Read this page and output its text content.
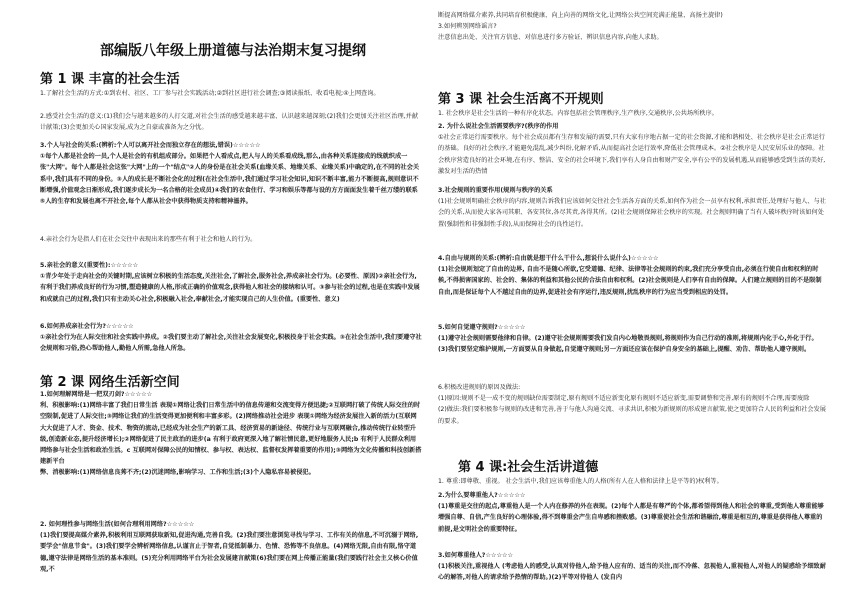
部编版八年级上册道德与法治期末复习提纲
第 1 课 丰富的社会生活

1.了解社会生活的方式:①到农村、社区、工厂参与社会实践活动;②到社区进行社会调查;③阅读报纸、收看电视;④上网查询。

2.感受社会生活的意义:(1)我们会与越来越多的人打交道,对社会生活的感受越来越丰富、认识越来越深刻;(2)我们会更加关注社区治理,并献计献策;(3)会更加关心国家发展,成为之自豪或准备为之分忧。

3.个人与社会的关系:(辨析:个人可以离开社会而独立存在的想法,错误)☆☆☆☆☆

①每个人都是社会的一员,个人是社会的有机组成部分。如果把个人看成点,把人与人的关系看成线,那么,由各种关系连接成的线就织成一张"大网"。每个人都是社会这张"大网"上的一个"结点"②人的身份是在社会关系(血缘关系、地缘关系、业缘关系)中确定的,在不同的社会关系中,我们具有不同的身份。③人的成长是不断社会化的过程(在社会生活中,我们通过学习社会知识,知识不断丰富,能力不断提高,规则意识不断增强,价值观念日渐形成,我们逐步成长为一名合格的社会成员)④我们的衣食住行、学习和娱乐等都与设的方方面面发生着千丝万缕的联系⑤人的生存和发展也离不开社会,每个人都从社会中获得物质支持和精神滋养。

4.亲社会行为是指人们在社会交往中表现出来的那些有利于社会和他人的行为。

5.亲社会的意义(重要性):☆☆☆☆☆

①青少年处于走向社会的关键时期,应该树立积极的生活态度,关注社会,了解社会,服务社会,养成亲社会行为。(必要性、原因)②亲社会行为,有利于我们养成良好的行为习惯,塑造健康的人格,形成正确的价值观念,获得他人和社会的接纳和认可。③参与社会的过程,也是在实践中发展和成就自己的过程,我们只有主动关心社会,积极融入社会,奉献社会,才能实现自己的人生价值。(重要性、意义)

6.如何养成亲社会行为?☆☆☆☆☆

①亲社会行为在人际交往和社会实践中养成。②我们要主动了解社会,关注社会发展变化,积极投身于社会实践。③在社会生活中,我们要遵守社会规则和习俗,热心帮助他人,勤他人所需,急他人所急。

第 2 课 网络生活新空间

1.如何理解网络是一把双刃剑?☆☆☆☆☆

利、积极影响:(1)网络丰富了我们日常生活 表现①网络让我们日常生活中的信息传递和交流变得方便迅捷;②互联网打破了传统人际交往的时空限制,促进了人际交往;③网络让我们的生活变得更加便利和丰富多彩。(2)网络推动社会进步 表现①网络为经济发展注入新的活力(互联网大大促进了人才、资金、技术、物资的流动,已经成为社会生产的新工具、经济贸易的新途径、传统行业与互联网融合,推动传统行业转型升级,创造新业态,提升经济增长);②网络促进了民主政治的进步(a 有利于政府更深入地了解社情民意,更好地服务人民;b 有利于人民群众利用网络参与社会生活和政治生活。c 互联网对保障公民的知情权、参与权、表达权、监督权发挥着重要的作用);③网络为文化传播和科技创新搭建新平台

弊、消极影响:(1)网络信息良莠不齐;(2)沉迷网络,影响学习、工作和生活;(3)个人隐私容易被侵犯。

2. 如何理性参与网络生活(如何合理利用网络?☆☆☆☆☆

(1)我们要提高媒介素养,积极利用互联网获取新知,促进沟通,完善自我。(2)我们要注意浏览寻找与学习、工作有关的信息,不可沉溺于网络,要学会"信息节食"。(3)我们要学会辨析网络信息,认谨言止于智者,自觉抵制暴力、色情、恐怖等不良信息。(4)网络无限,自由有限,恪守道德,遵守法律是网络生活的基本准则。(5)充分利用网络平台为社会发展建言献策(6)我们要在网上传播正能量(我们要践行社会主义核心价值观,不

断提高网络媒介素养,共同培育积极健康、向上向善的网络文化,让网络公共空间充满正能量、高扬主旋律)

3.如何辨别网络谣言?

注意信息出处、关注官方信息、对信息进行多方验证、辨识信息内容,向他人求助。

第 3 课 社会生活离不开规则

1. 社会秩序是社会生活的一种有序化状态。内容包括社会管理秩序,生产秩序,交通秩序,公共场所秩序。

2. 为什么说社会生活需要秩序?(秩序的作用

①社会正常运行需要秩序。每个社会成员都有生存和发展的需要,只有大家有序地占据一定的社会资源,才能和谐相处、社会秩序是社会正常运行的基础。良好的社会秩序,才能避免混乱,减少纠纷,化解矛盾,从而提高社会运行效率,降低社会管理成本。②社会秩序是人民安居乐业的保障。社会秩序营造良好的社会环境,在有序、整洁、安全的社会环境下,我们享有人身自由和财产安全,享有公平的发展机遇,从而能够感受到生活的美好,激发对生活的热情

3.社会规则的重要作用(规则与秩序的关系

(1)社会规则明确社会秩序的内容,规则告诉我们应该如何交往社会生活各方面的关系,如何作为社会一员享有权利,承担责任,处理好与他人、与社会的关系,从而使大家各司其职、各安其位,各尽其责,各得其所。(2)社会规则保障社会秩序的实现。社会规则明确了当有人破坏秩序时该如何处置(强制性和非强制性手段),从而保障社会的良性运行。

4.自由与规则的关系:(辨析:自由就是想干什么干什么,想说什么说什么)☆☆☆☆☆

(1)社会规则划定了自由的边界, 自由不是随心所欲,它受道德、纪律、法律等社会规则的约束,我们充分享受自由,必须在行使自由和权利的时候,不得损害国家的、社会的、集体的利益和其他公民的合法自由和权利。(2)社会规则是人们享有自由的保障。人们建立规则的目的不是限制自由,而是保证每个人不越过自由的边界,促进社会有序运行,违反规则,扰乱秩序的行为应当受到相应的处罚。

5.如何自觉遵守规则?☆☆☆☆☆

(1)遵守社会规则需要他律和自律。(2)遵守社会规则需要我们发自内心地敬畏规则,将规则作为自己行动的准则,将规则内化于心,外化于行。(3)我们要坚定维护规则,一方面要从自身做起,自觉遵守规则;另一方面还应该在保护自身安全的基础上,提醒、劝告、帮助他人遵守规则。

6.积极改进规则的原因及做法:

(1)原因:规则不是一成不变的规则缺位需要制定,原有规则不适应新变化原有规则不适应新变,需要调整和完善,原有的规则不合理,需要废除

(2)做法:我们要积极参与规则的改进和完善,善于与他人沟通交流、寻求共识,积极为新规则的形成建言献策,使之更加符合人民的利益和社会发展的要求。

第 4 课:社会生活讲道德

1. 尊重:即尊敬、重视。 社会生活中,我们应该尊重他人的人格(所有人在人格和法律上是平等的)权利等。

2.为什么要尊重他人?☆☆☆☆☆

(1)尊重是交往的起点,尊重他人是一个人内在修养的外在表现。(2)每个人都是有尊严的个体,都希望得到他人和社会的尊重,受到他人尊重能够增强自尊、自信,产生良好的心理体验,得不到尊重会产生自卑感和挫败感。(3)尊重使社会生活和谐融洽,尊重是相互的,尊重是获得他人尊重的前提,是文明社会的重要特征。

3.如何尊重他人?☆☆☆☆☆

(1)积极关注,重视他人 (考虑他人的感受,认真对待他人,给予他人应有的、适当的关注,而不冷落、忽视他人,重视他人,对他人的疑惑给予细致耐心的解答,对他人的请求给予热情的帮助。)(2)平等对待他人 (发自内
